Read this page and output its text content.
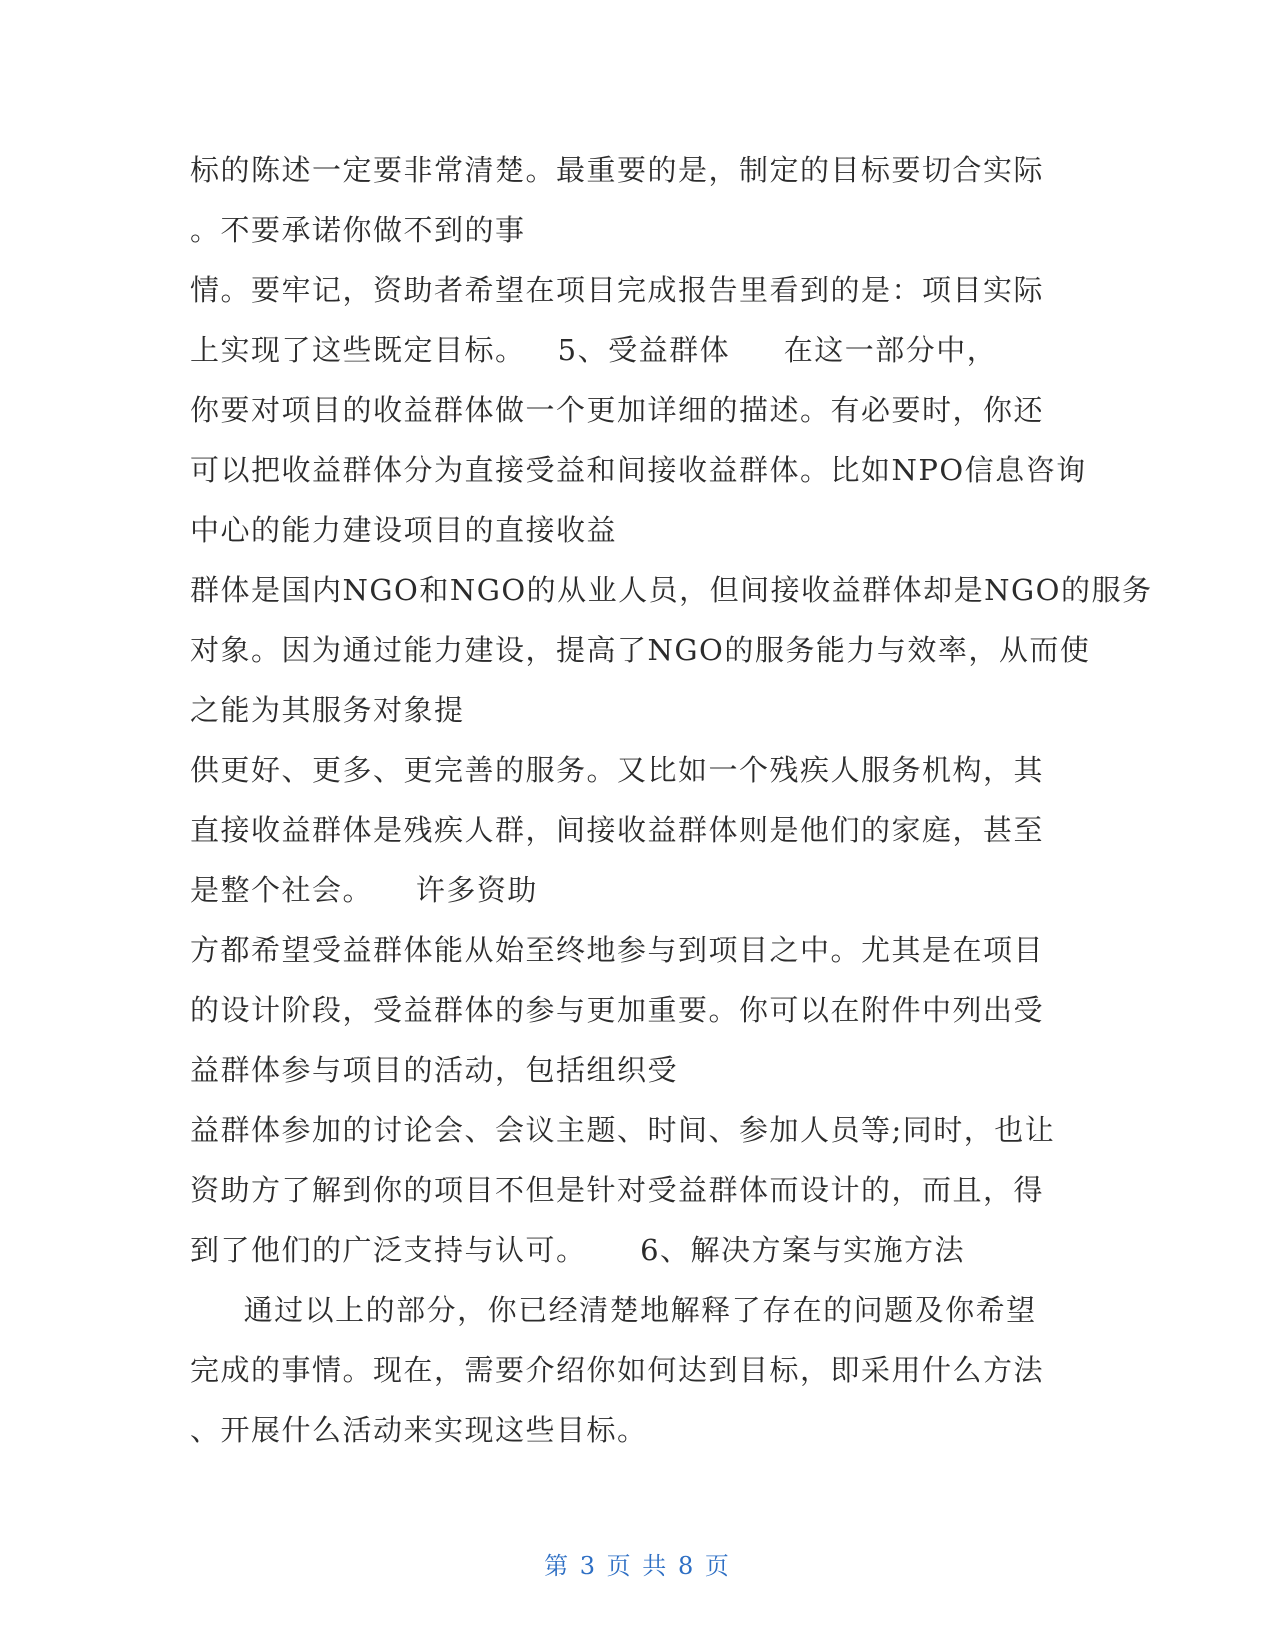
标的陈述一定要非常清楚。最重要的是，制定的目标要切合实际
。不要承诺你做不到的事
情。要牢记，资助者希望在项目完成报告里看到的是：项目实际
上实现了这些既定目标。   5、受益群体     在这一部分中，
你要对项目的收益群体做一个更加详细的描述。有必要时，你还
可以把收益群体分为直接受益和间接收益群体。比如NPO信息咨询
中心的能力建设项目的直接收益
群体是国内NGO和NGO的从业人员，但间接收益群体却是NGO的服务
对象。因为通过能力建设，提高了NGO的服务能力与效率，从而使
之能为其服务对象提
供更好、更多、更完善的服务。又比如一个残疾人服务机构，其
直接收益群体是残疾人群，间接收益群体则是他们的家庭，甚至
是整个社会。    许多资助
方都希望受益群体能从始至终地参与到项目之中。尤其是在项目
的设计阶段，受益群体的参与更加重要。你可以在附件中列出受
益群体参与项目的活动，包括组织受
益群体参加的讨论会、会议主题、时间、参加人员等;同时，也让
资助方了解到你的项目不但是针对受益群体而设计的，而且，得
到了他们的广泛支持与认可。     6、解决方案与实施方法
通过以上的部分，你已经清楚地解释了存在的问题及你希望
完成的事情。现在，需要介绍你如何达到目标，即采用什么方法
、开展什么活动来实现这些目标。
第 3 页 共 8 页
